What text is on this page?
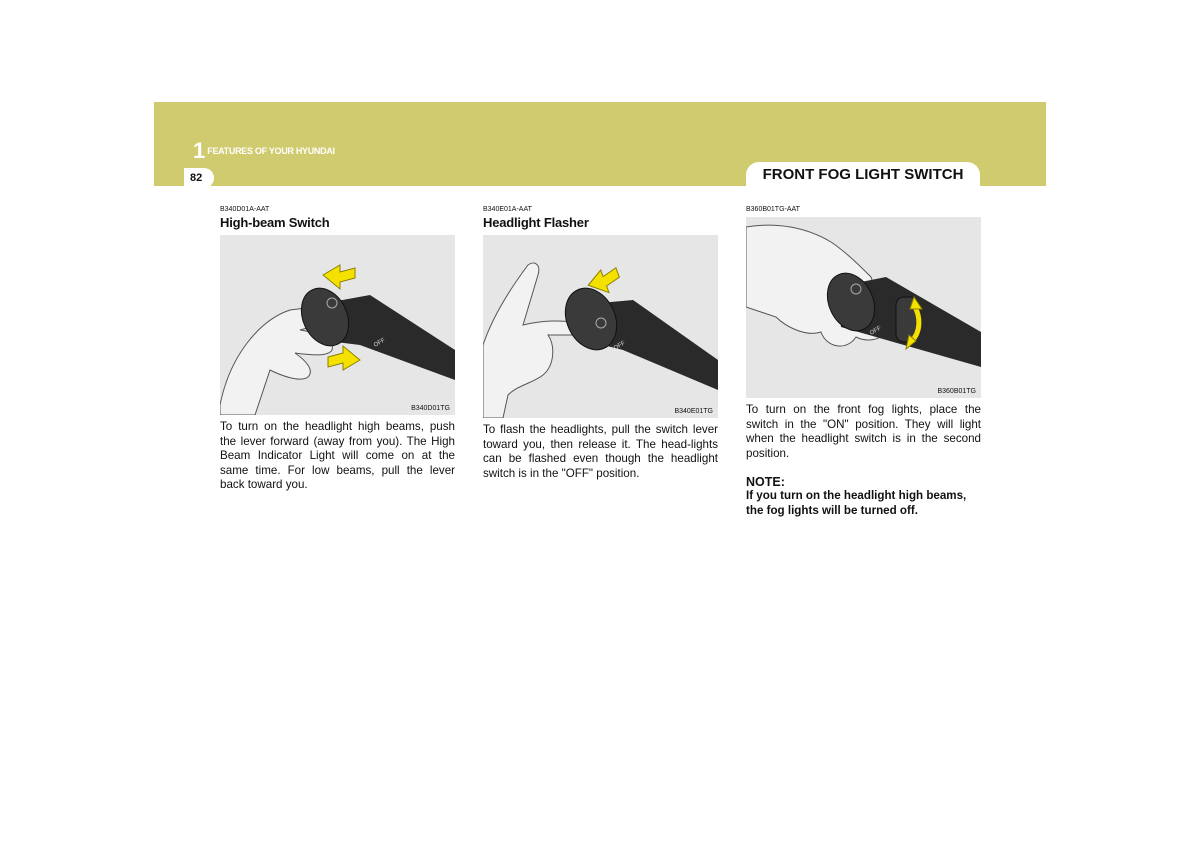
1 FEATURES OF YOUR HYUNDAI
82	FRONT FOG LIGHT SWITCH
B340D01A-AAT
High-beam Switch
OFF
B340D01TG
To turn on the headlight high beams, push the lever forward (away from you). The High Beam Indicator Light will come on at the same time. For low beams, pull the lever back toward you.
B340E01A-AAT
Headlight Flasher
OFF
B340E01TG
To flash the headlights, pull the switch lever toward you, then release it. The head-lights can be flashed even though the headlight switch is in the "OFF" position.
B360B01TG-AAT
OFF
B360B01TG
To turn on the front fog lights, place the switch in the "ON" position. They will light when the headlight switch is in the second position.
NOTE:
If you turn on the headlight high beams, the fog lights will be turned off.
